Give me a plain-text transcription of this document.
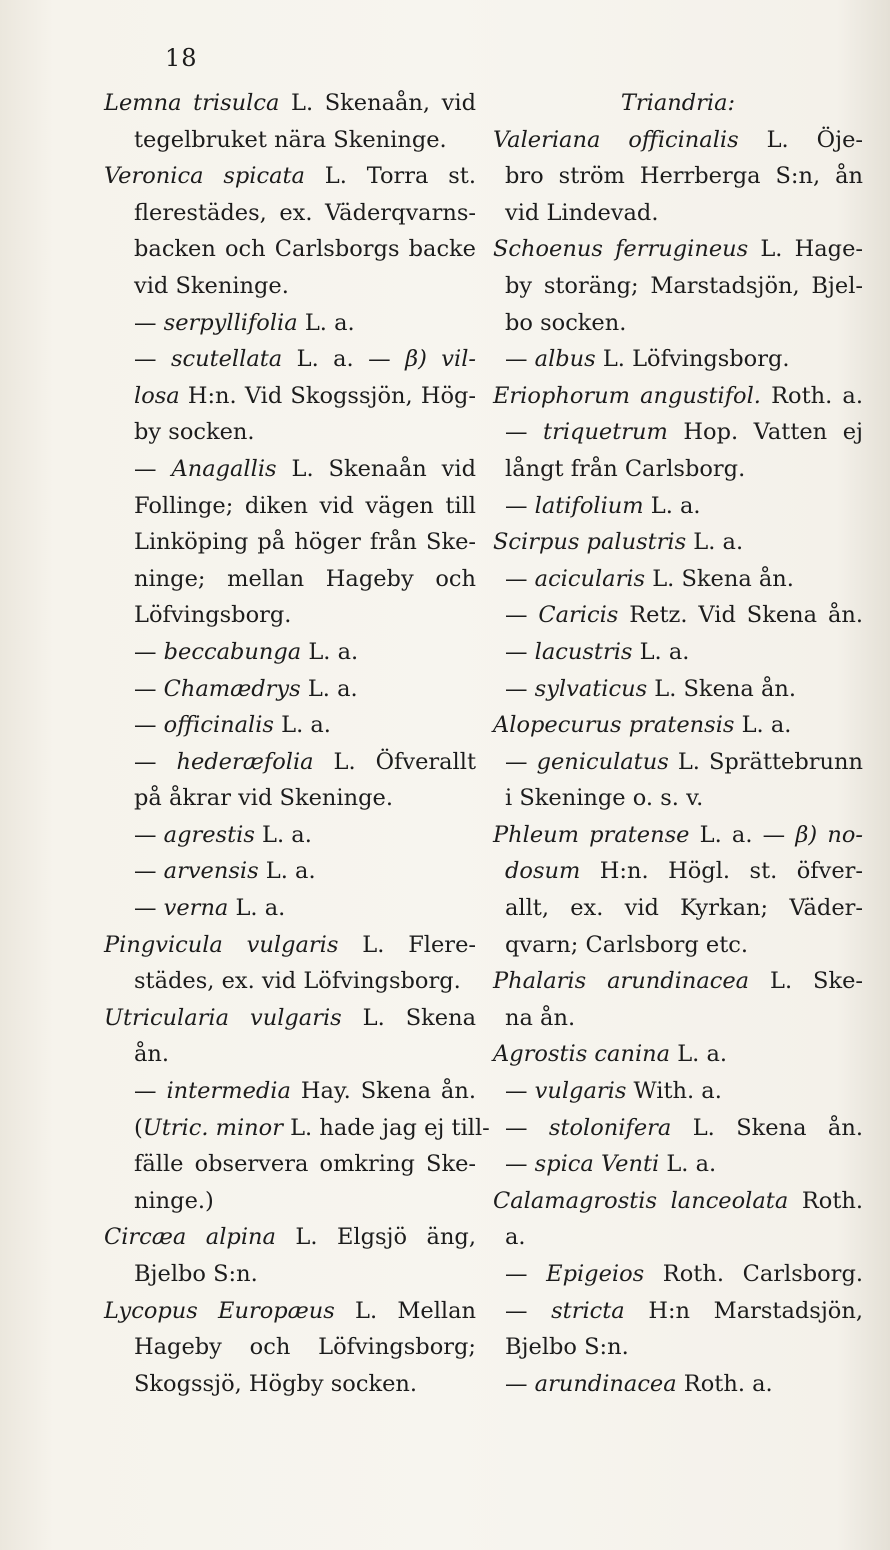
18
Lemna trisulca L. Skenaån, vid
tegelbruket nära Skeninge.
Veronica spicata L. Torra st.
flerestädes, ex. Väderqvarns-
backen och Carlsborgs backe
vid Skeninge.
— serpyllifolia L. a.
— scutellata L. a. — β) vil-
losa H:n. Vid Skogssjön, Hög-
by socken.
— Anagallis L. Skenaån vid
Follinge; diken vid vägen till
Linköping på höger från Ske-
ninge; mellan Hageby och
Löfvingsborg.
— beccabunga L. a.
— Chamædrys L. a.
— officinalis L. a.
— hederæfolia L. Öfverallt
på åkrar vid Skeninge.
— agrestis L. a.
— arvensis L. a.
— verna L. a.
Pingvicula vulgaris L. Flere-
städes, ex. vid Löfvingsborg.
Utricularia vulgaris L. Skena
ån.
— intermedia Hay. Skena ån.
(Utric. minor L. hade jag ej till-
fälle observera omkring Ske-
ninge.)
Circæa alpina L. Elgsjö äng,
Bjelbo S:n.
Lycopus Europæus L. Mellan
Hageby och Löfvingsborg;
Skogssjö, Högby socken.
Triandria:
Valeriana officinalis L. Öje-
bro ström Herrberga S:n, ån
vid Lindevad.
Schoenus ferrugineus L. Hage-
by storäng; Marstadsjön, Bjel-
bo socken.
— albus L. Löfvingsborg.
Eriophorum angustifol. Roth. a.
— triquetrum Hop. Vatten ej
långt från Carlsborg.
— latifolium L. a.
Scirpus palustris L. a.
— acicularis L. Skena ån.
— Caricis Retz. Vid Skena ån.
— lacustris L. a.
— sylvaticus L. Skena ån.
Alopecurus pratensis L. a.
— geniculatus L. Sprättebrunn
i Skeninge o. s. v.
Phleum pratense L. a. — β) no-
dosum H:n. Högl. st. öfver-
allt, ex. vid Kyrkan; Väder-
qvarn; Carlsborg etc.
Phalaris arundinacea L. Ske-
na ån.
Agrostis canina L. a.
— vulgaris With. a.
— stolonifera L. Skena ån.
— spica Venti L. a.
Calamagrostis lanceolata Roth.
a.
— Epigeios Roth. Carlsborg.
— stricta H:n Marstadsjön,
Bjelbo S:n.
— arundinacea Roth. a.
